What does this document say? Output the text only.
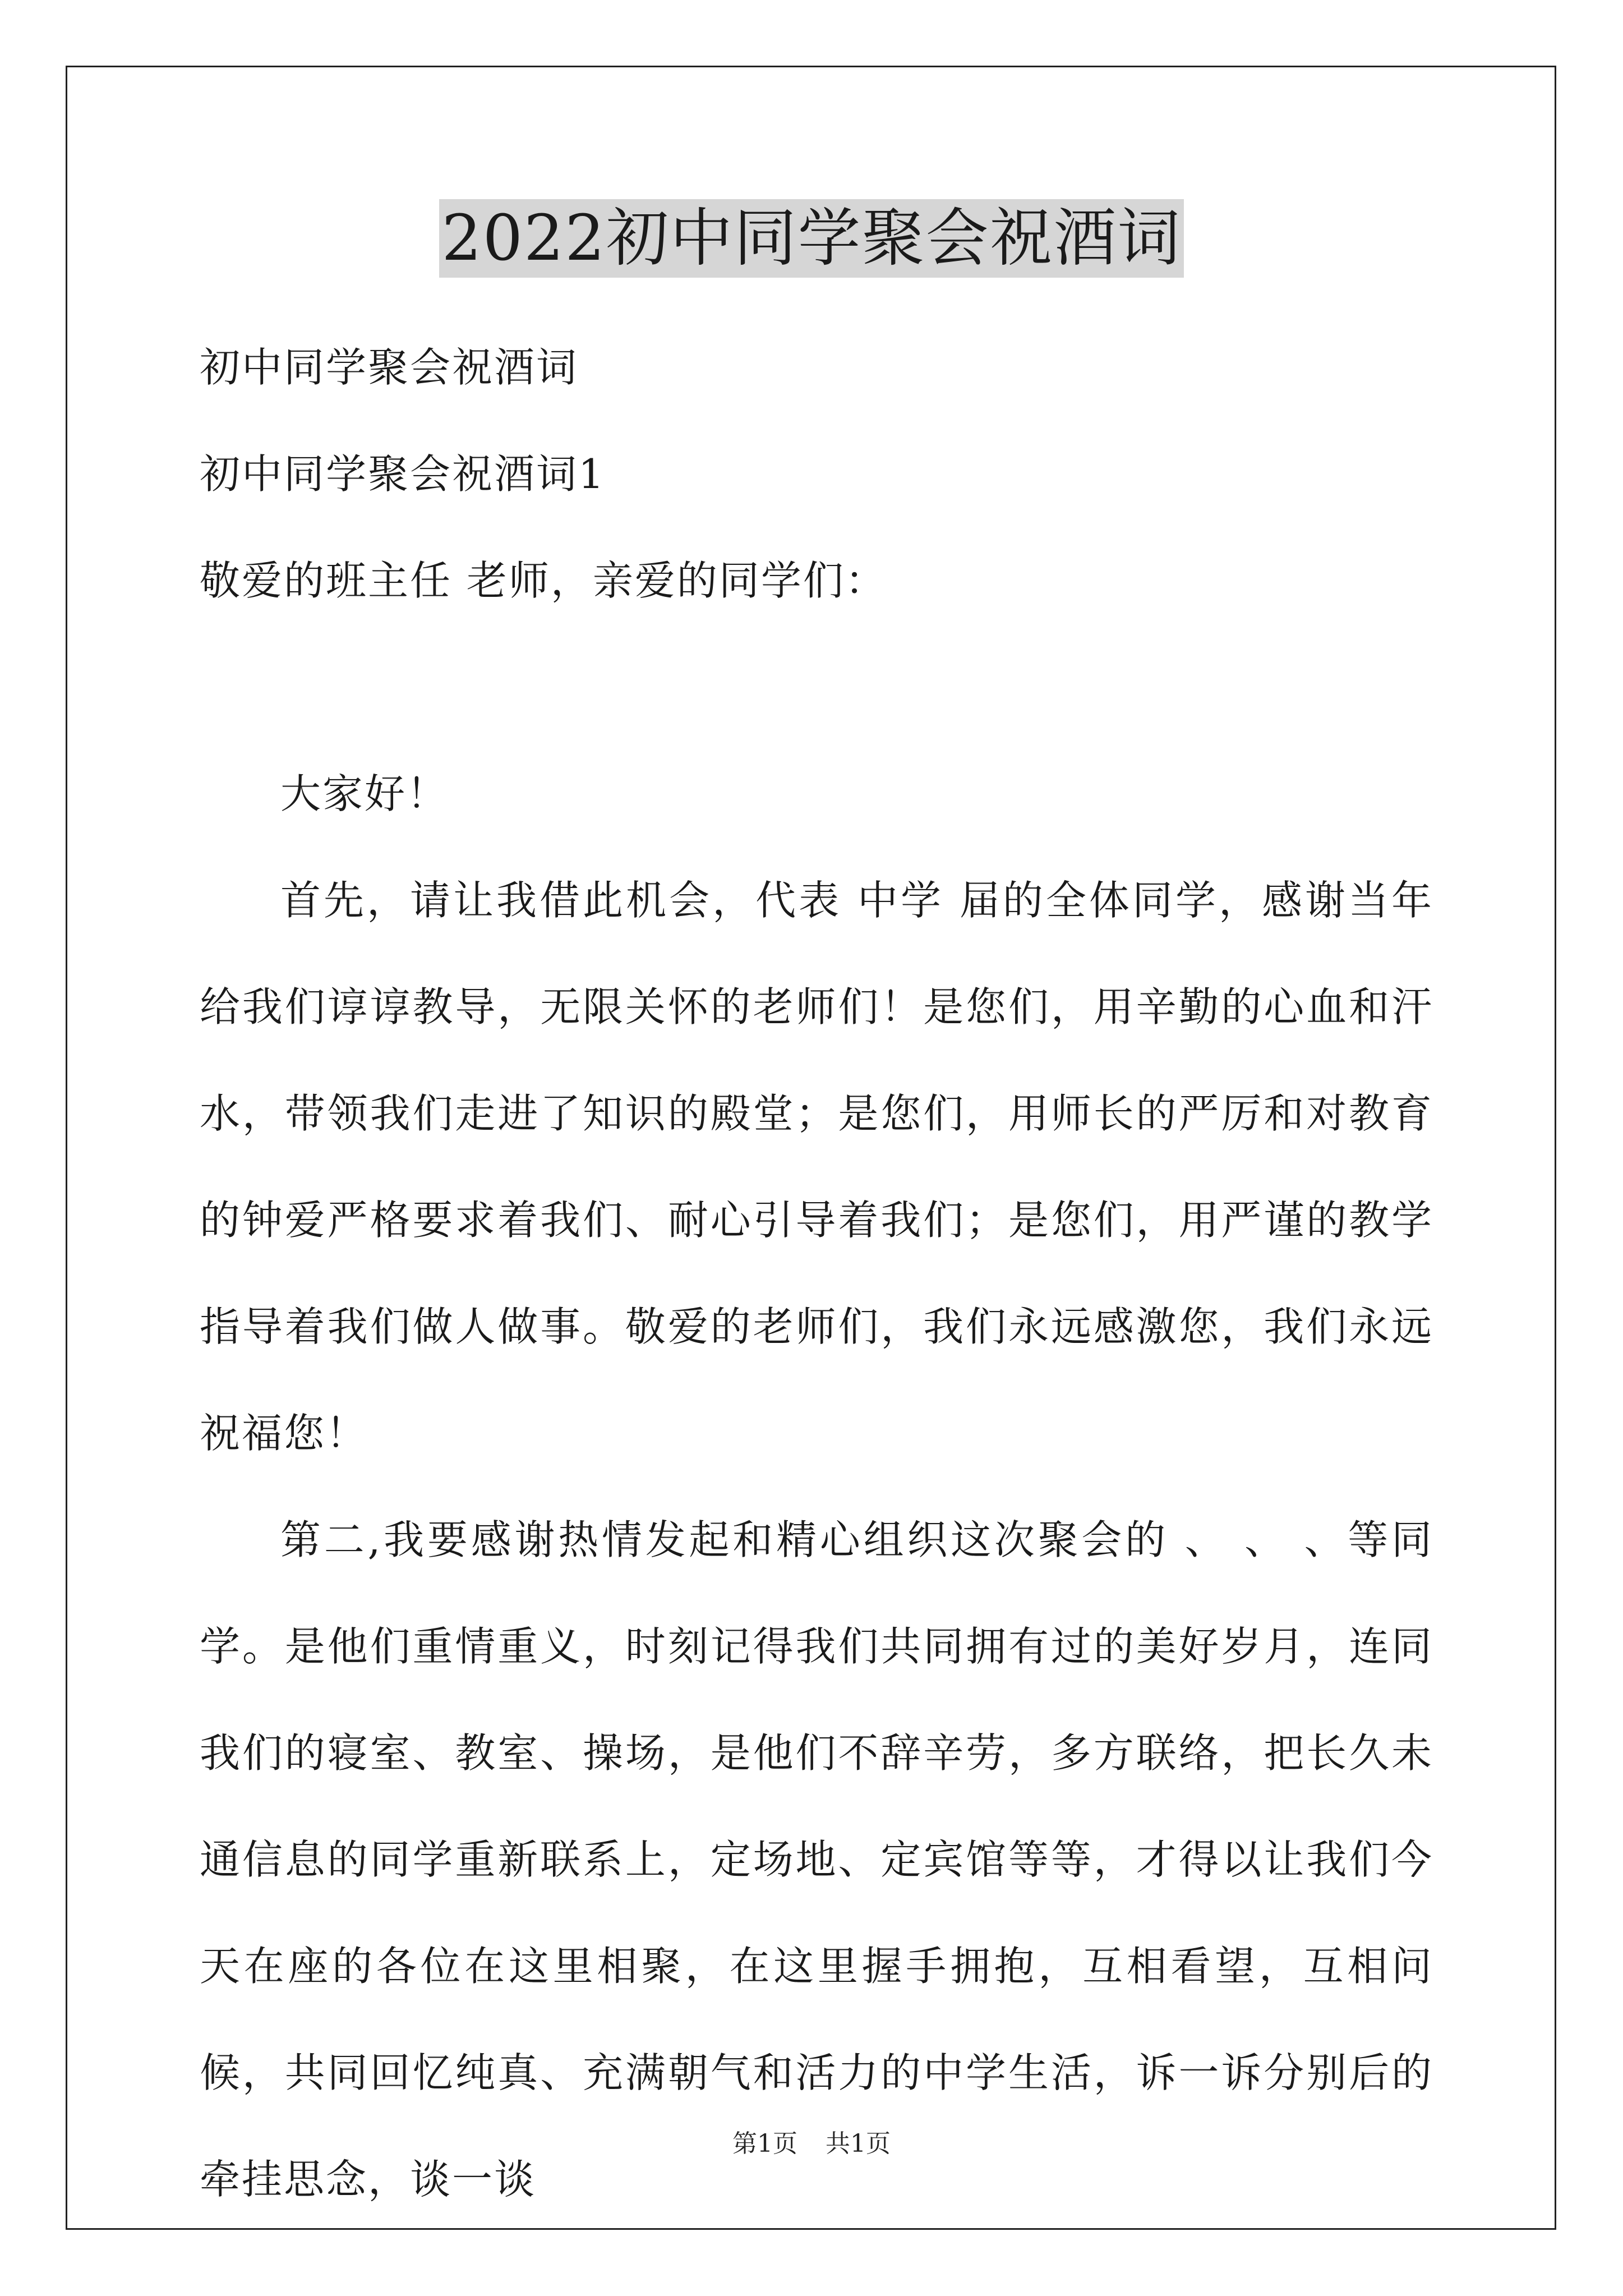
2022初中同学聚会祝酒词
初中同学聚会祝酒词
初中同学聚会祝酒词1
敬爱的班主任 老师，亲爱的同学们：

大家好！

首先，请让我借此机会，代表 中学 届的全体同学，感谢当年给我们谆谆教导，无限关怀的老师们！是您们，用辛勤的心血和汗水，带领我们走进了知识的殿堂；是您们，用师长的严厉和对教育的钟爱严格要求着我们、耐心引导着我们；是您们，用严谨的教学指导着我们做人做事。敬爱的老师们，我们永远感激您，我们永远祝福您！

第二,我要感谢热情发起和精心组织这次聚会的 、 、 、等同学。是他们重情重义，时刻记得我们共同拥有过的美好岁月，连同我们的寝室、教室、操场，是他们不辞辛劳，多方联络，把长久未通信息的同学重新联系上，定场地、定宾馆等等，才得以让我们今天在座的各位在这里相聚，在这里握手拥抱，互相看望，互相问候，共同回忆纯真、充满朝气和活力的中学生活，诉一诉分别后的牵挂思念，谈一谈

第1页 共1页
